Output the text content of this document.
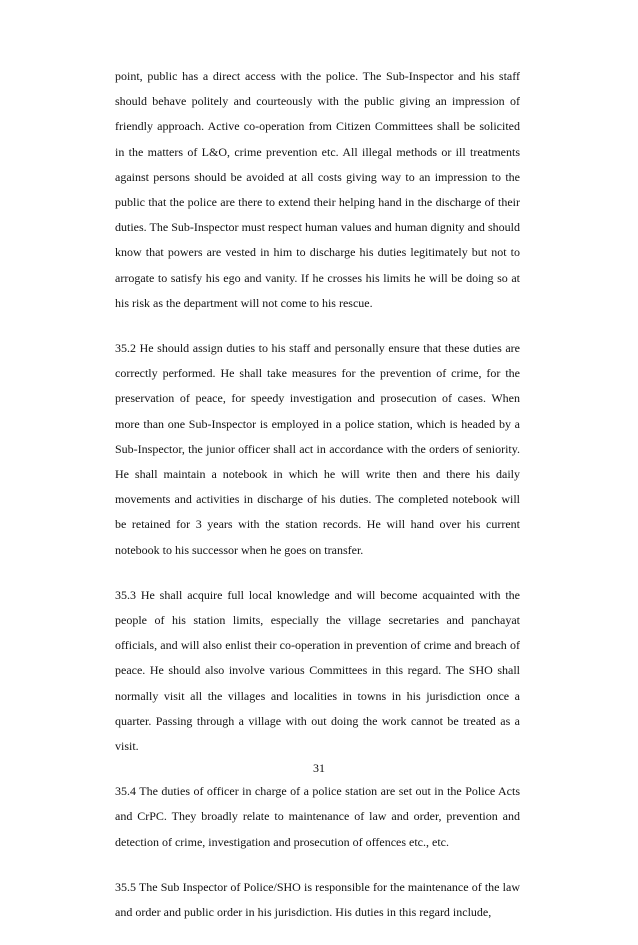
point, public has a direct access with the police. The Sub-Inspector and his staff should behave politely and courteously with the public giving an impression of friendly approach. Active co-operation from Citizen Committees shall be solicited in the matters of L&O, crime prevention etc. All illegal methods or ill treatments against persons should be avoided at all costs giving way to an impression to the public that the police are there to extend their helping hand in the discharge of their duties. The Sub-Inspector must respect human values and human dignity and should know that powers are vested in him to discharge his duties legitimately but not to arrogate to satisfy his ego and vanity. If he crosses his limits he will be doing so at his risk as the department will not come to his rescue.

35.2 He should assign duties to his staff and personally ensure that these duties are correctly performed. He shall take measures for the prevention of crime, for the preservation of peace, for speedy investigation and prosecution of cases. When more than one Sub-Inspector is employed in a police station, which is headed by a Sub-Inspector, the junior officer shall act in accordance with the orders of seniority. He shall maintain a notebook in which he will write then and there his daily movements and activities in discharge of his duties. The completed notebook will be retained for 3 years with the station records. He will hand over his current notebook to his successor when he goes on transfer.

35.3 He shall acquire full local knowledge and will become acquainted with the people of his station limits, especially the village secretaries and panchayat officials, and will also enlist their co-operation in prevention of crime and breach of peace. He should also involve various Committees in this regard. The SHO shall normally visit all the villages and localities in towns in his jurisdiction once a quarter. Passing through a village with out doing the work cannot be treated as a visit.

35.4 The duties of officer in charge of a police station are set out in the Police Acts and CrPC. They broadly relate to maintenance of law and order, prevention and detection of crime, investigation and prosecution of offences etc., etc.

35.5 The Sub Inspector of Police/SHO is responsible for the maintenance of the law and order and public order in his jurisdiction. His duties in this regard include,

31
